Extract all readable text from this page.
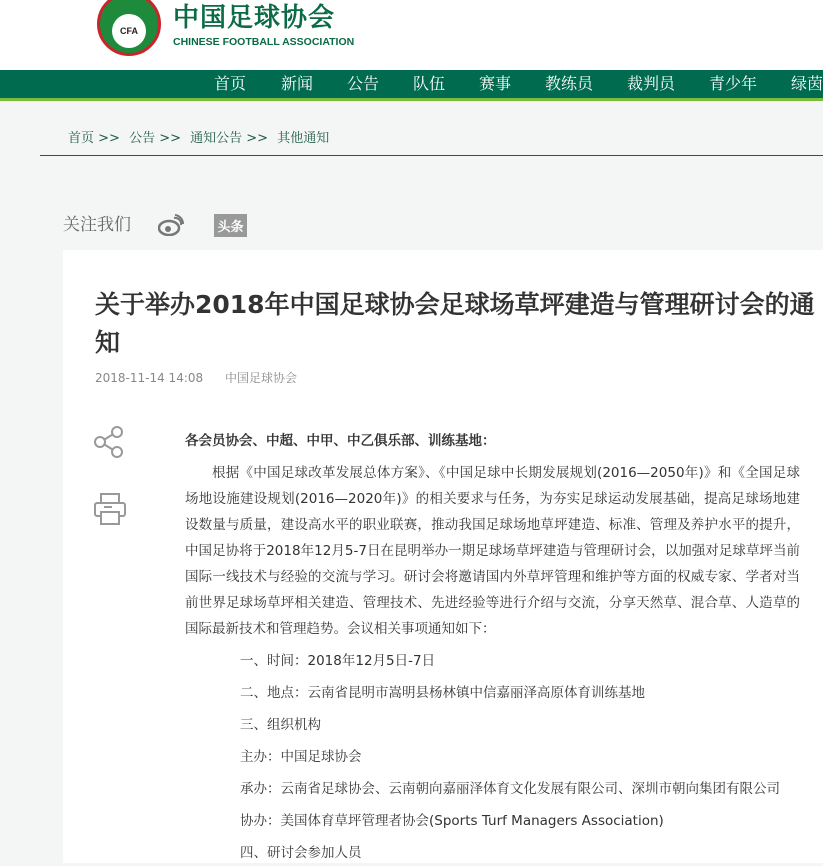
CFA	中国足球协会
CHINESE FOOTBALL ASSOCIATION
首页 新闻 公告 队伍 赛事 教练员 裁判员 青少年 绿茵
首页 >> 公告 >> 通知公告 >> 其他通知
关注我们	头条
关于举办2018年中国足球协会足球场草坪建造与管理研讨会的通知
2018-11-14 14:08 中国足球协会

各会员协会、中超、中甲、中乙俱乐部、训练基地：

根据《中国足球改革发展总体方案》、《中国足球中长期发展规划(2016—2050年)》和《全国足球场地设施建设规划(2016—2020年)》的相关要求与任务，为夯实足球运动发展基础，提高足球场地建设数量与质量，建设高水平的职业联赛，推动我国足球场地草坪建造、标准、管理及养护水平的提升，中国足协将于2018年12月5-7日在昆明举办一期足球场草坪建造与管理研讨会，以加强对足球草坪当前国际一线技术与经验的交流与学习。研讨会将邀请国内外草坪管理和维护等方面的权威专家、学者对当前世界足球场草坪相关建造、管理技术、先进经验等进行介绍与交流，分享天然草、混合草、人造草的国际最新技术和管理趋势。会议相关事项通知如下：

一、时间：2018年12月5日-7日

二、地点：云南省昆明市嵩明县杨林镇中信嘉丽泽高原体育训练基地

三、组织机构

主办：中国足球协会

承办：云南省足球协会、云南朝向嘉丽泽体育文化发展有限公司、深圳市朝向集团有限公司

协办：美国体育草坪管理者协会(Sports Turf Managers Association)

四、研讨会参加人员
